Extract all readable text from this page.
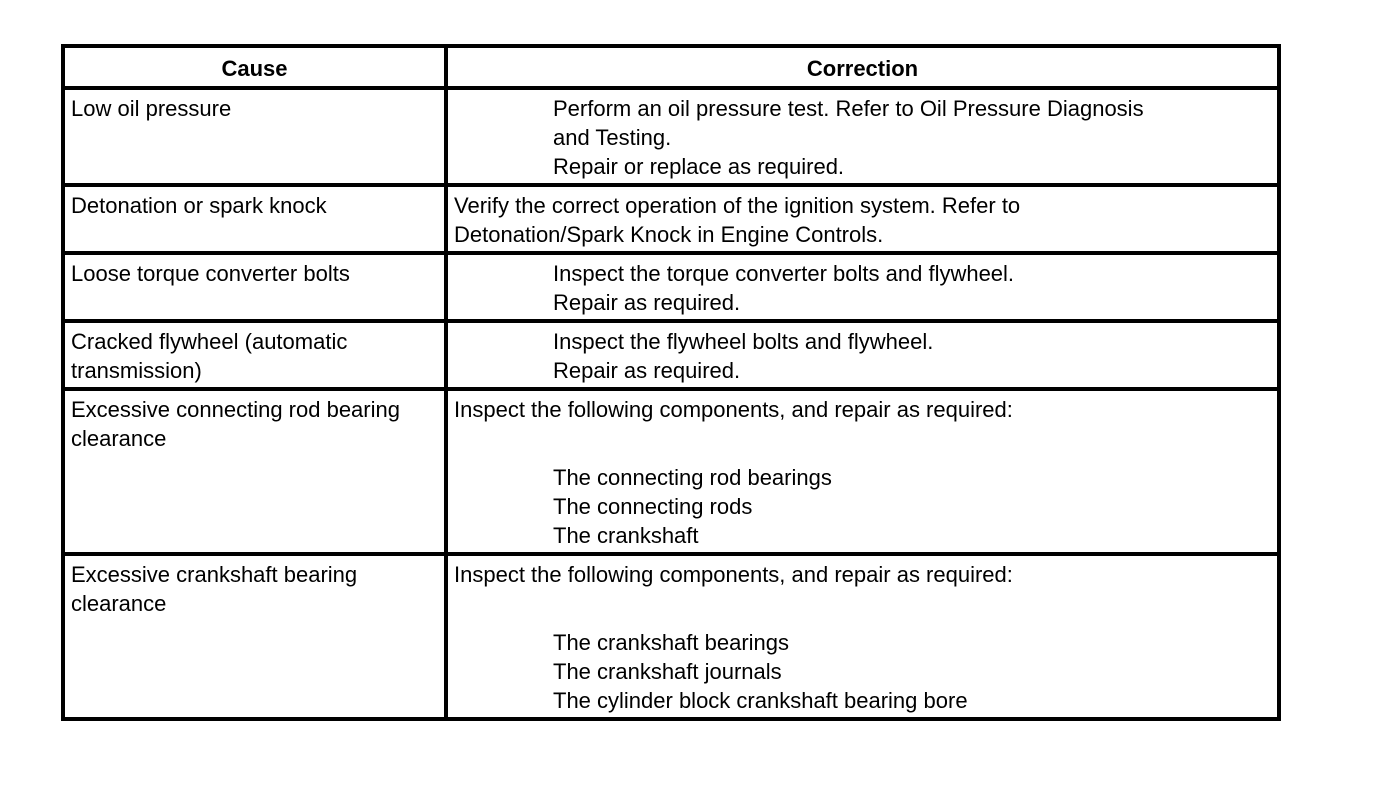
Cause	Correction
Low oil pressure	Perform an oil pressure test. Refer to Oil Pressure Diagnosis
and Testing.
Repair or replace as required.

Detonation or spark knock	Verify the correct operation of the ignition system. Refer to
Detonation/Spark Knock in Engine Controls.

Loose torque converter bolts	Inspect the torque converter bolts and flywheel.
Repair as required.

Cracked flywheel (automatic transmission)	Inspect the flywheel bolts and flywheel.
Repair as required.

Excessive connecting rod bearing clearance	Inspect the following components, and repair as required:
The connecting rod bearings
The connecting rods
The crankshaft

Excessive crankshaft bearing clearance	Inspect the following components, and repair as required:
The crankshaft bearings
The crankshaft journals
The cylinder block crankshaft bearing bore
